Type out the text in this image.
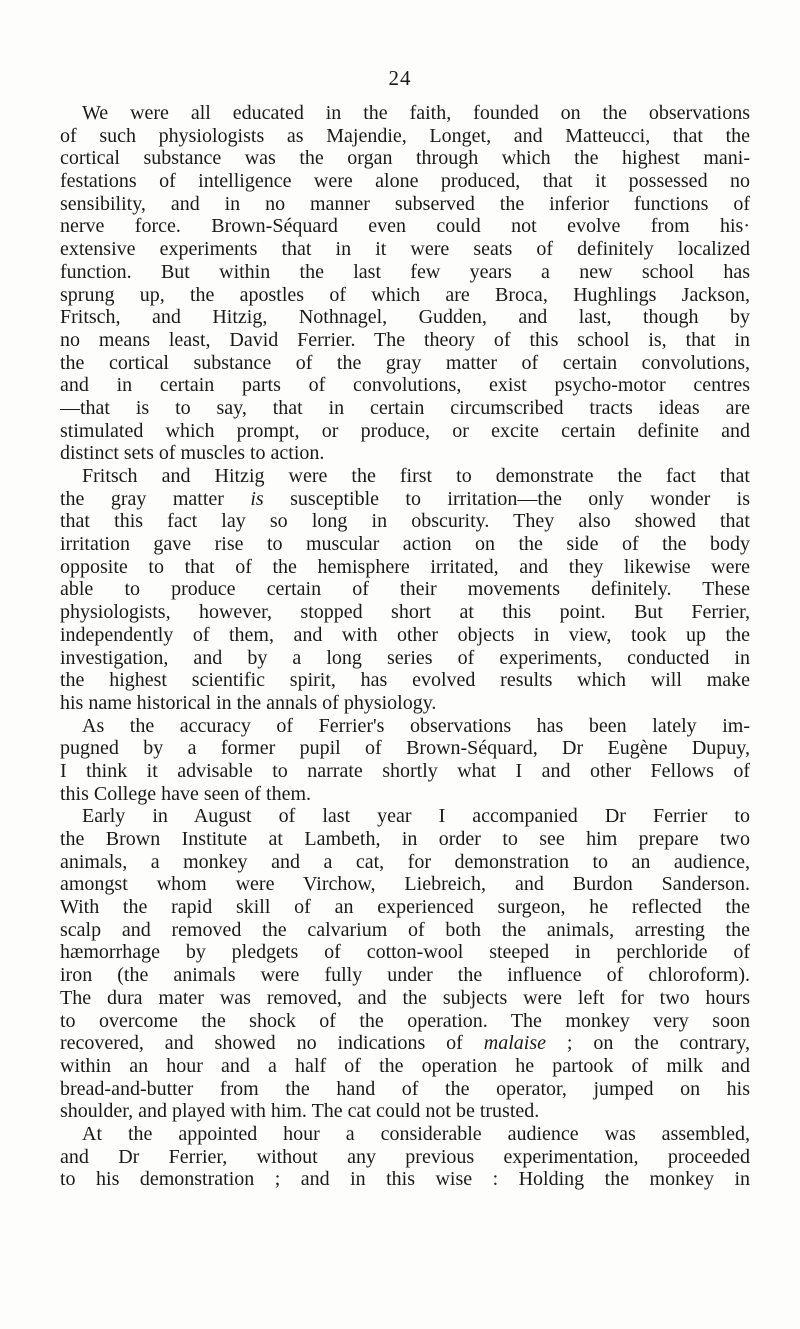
24
We were all educated in the faith, founded on the observations
of such physiologists as Majendie, Longet, and Matteucci, that the
cortical substance was the organ through which the highest mani-
festations of intelligence were alone produced, that it possessed no
sensibility, and in no manner subserved the inferior functions of
nerve force. Brown-Séquard even could not evolve from his·
extensive experiments that in it were seats of definitely localized
function. But within the last few years a new school has
sprung up, the apostles of which are Broca, Hughlings Jackson,
Fritsch, and Hitzig, Nothnagel, Gudden, and last, though by
no means least, David Ferrier. The theory of this school is, that in
the cortical substance of the gray matter of certain convolutions,
and in certain parts of convolutions, exist psycho-motor centres
—that is to say, that in certain circumscribed tracts ideas are
stimulated which prompt, or produce, or excite certain definite and
distinct sets of muscles to action.
Fritsch and Hitzig were the first to demonstrate the fact that
the gray matter is susceptible to irritation—the only wonder is
that this fact lay so long in obscurity. They also showed that
irritation gave rise to muscular action on the side of the body
opposite to that of the hemisphere irritated, and they likewise were
able to produce certain of their movements definitely. These
physiologists, however, stopped short at this point. But Ferrier,
independently of them, and with other objects in view, took up the
investigation, and by a long series of experiments, conducted in
the highest scientific spirit, has evolved results which will make
his name historical in the annals of physiology.
As the accuracy of Ferrier's observations has been lately im-
pugned by a former pupil of Brown-Séquard, Dr Eugène Dupuy,
I think it advisable to narrate shortly what I and other Fellows of
this College have seen of them.
Early in August of last year I accompanied Dr Ferrier to
the Brown Institute at Lambeth, in order to see him prepare two
animals, a monkey and a cat, for demonstration to an audience,
amongst whom were Virchow, Liebreich, and Burdon Sanderson.
With the rapid skill of an experienced surgeon, he reflected the
scalp and removed the calvarium of both the animals, arresting the
hæmorrhage by pledgets of cotton-wool steeped in perchloride of
iron (the animals were fully under the influence of chloroform).
The dura mater was removed, and the subjects were left for two hours
to overcome the shock of the operation. The monkey very soon
recovered, and showed no indications of malaise ; on the contrary,
within an hour and a half of the operation he partook of milk and
bread-and-butter from the hand of the operator, jumped on his
shoulder, and played with him. The cat could not be trusted.
At the appointed hour a considerable audience was assembled,
and Dr Ferrier, without any previous experimentation, proceeded
to his demonstration ; and in this wise : Holding the monkey in
